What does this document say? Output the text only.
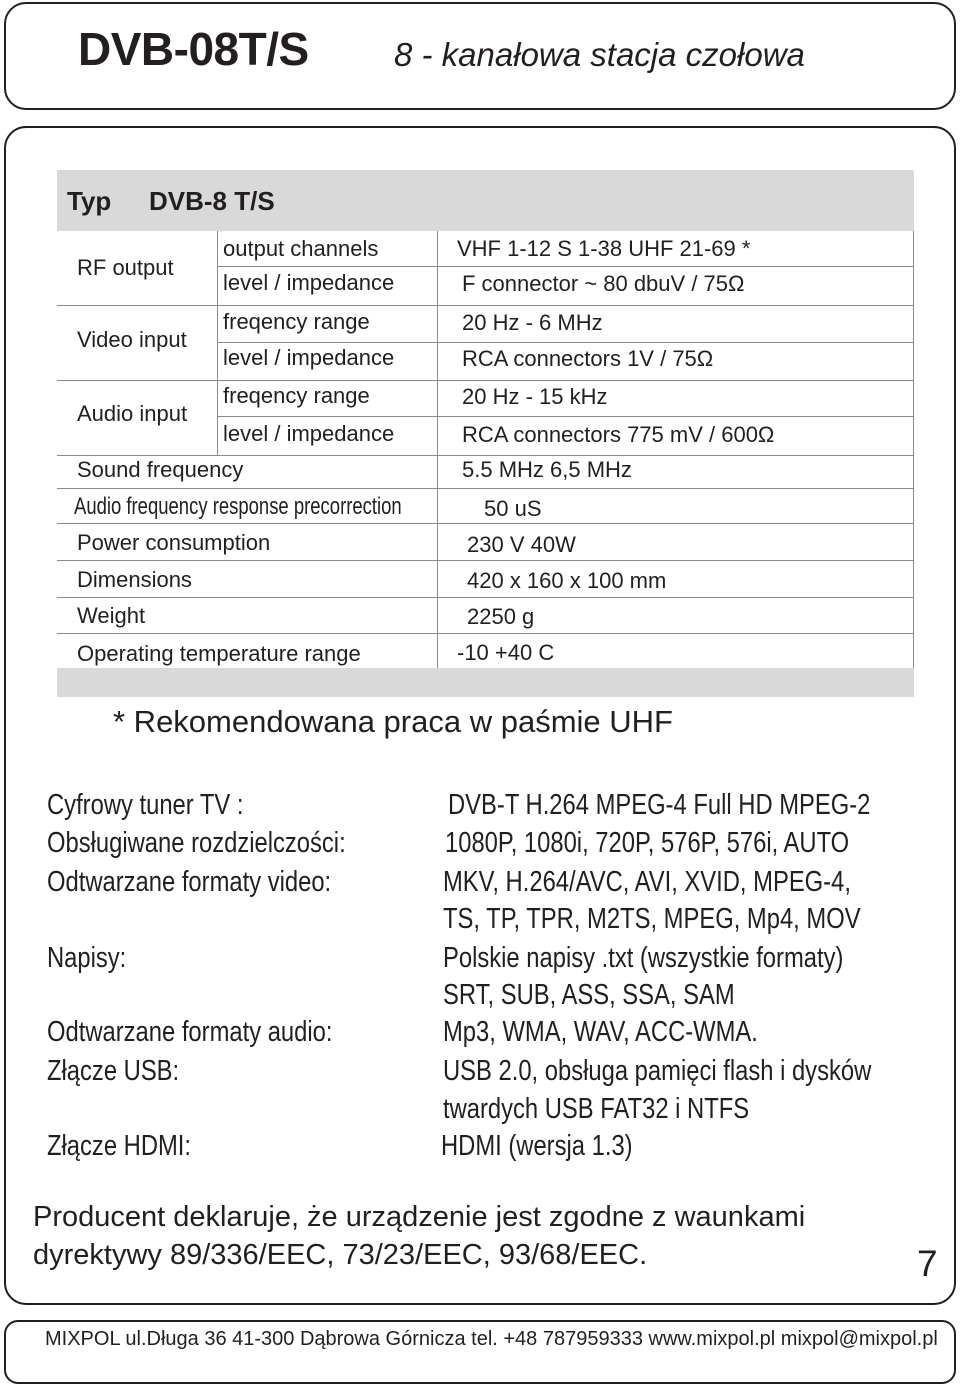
DVB-08T/S	8 - kanałowa stacja czołowa
Typ DVB-8 T/S
RF output
output channels	VHF 1-12 S 1-38 UHF 21-69 *
level / impedance	F connector ~ 80 dbuV / 75Ω
Video input
freqency range	20 Hz - 6 MHz
level / impedance	RCA connectors 1V / 75Ω
Audio input
freqency range	20 Hz - 15 kHz
level / impedance	RCA connectors 775 mV / 600Ω
Sound frequency	5.5 MHz 6,5 MHz
Audio frequency response precorrection	50 uS
Power consumption	230 V 40W
Dimensions	420 x 160 x 100 mm
Weight	2250 g
Operating temperature range	-10 +40 C
* Rekomendowana praca w paśmie UHF
Cyfrowy tuner TV :	DVB-T H.264 MPEG-4 Full HD MPEG-2
Obsługiwane rozdzielczości:	1080P, 1080i, 720P, 576P, 576i, AUTO
Odtwarzane formaty video:	MKV, H.264/AVC, AVI, XVID, MPEG-4,
TS, TP, TPR, M2TS, MPEG, Mp4, MOV
Napisy:	Polskie napisy .txt (wszystkie formaty)
SRT, SUB, ASS, SSA, SAM
Odtwarzane formaty audio:	Mp3, WMA, WAV, ACC-WMA.
Złącze USB:	USB 2.0, obsługa pamięci flash i dysków
twardych USB FAT32 i NTFS
Złącze HDMI:	HDMI (wersja 1.3)
Producent deklaruje, że urządzenie jest zgodne z waunkami dyrektywy 89/336/EEC, 73/23/EEC, 93/68/EEC.	7
MIXPOL ul.Długa 36 41-300 Dąbrowa Górnicza tel. +48 787959333 www.mixpol.pl mixpol@mixpol.pl
